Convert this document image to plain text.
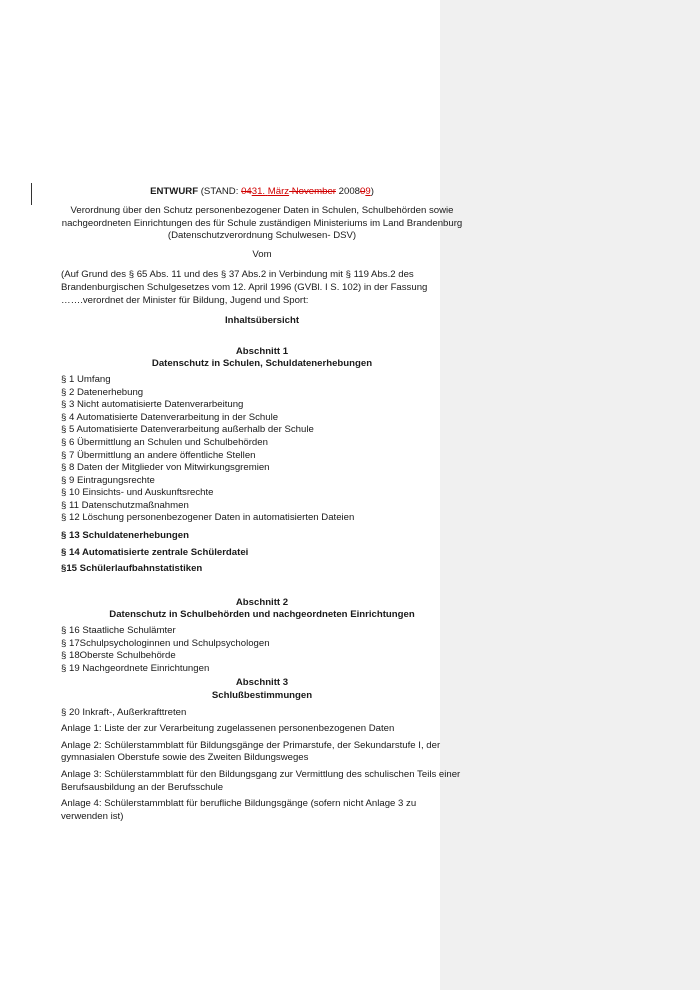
ENTWURF (STAND: 0431. März November 200809)
Verordnung über den Schutz personenbezogener Daten in Schulen, Schulbehörden sowie
nachgeordneten Einrichtungen des für Schule zuständigen Ministeriums im Land Brandenburg
(Datenschutzverordnung Schulwesen- DSV)
Vom

(Auf Grund des § 65 Abs. 11 und des § 37 Abs.2 in Verbindung mit § 119 Abs.2 des Brandenburgischen Schulgesetzes vom 12. April 1996 (GVBl. I S. 102) in der Fassung …….verordnet der Minister für Bildung, Jugend und Sport:

Inhaltsübersicht
Abschnitt 1
Datenschutz in Schulen, Schuldatenerhebungen
§ 1 Umfang
§ 2 Datenerhebung
§ 3 Nicht automatisierte Datenverarbeitung
§ 4 Automatisierte Datenverarbeitung in der Schule
§ 5 Automatisierte Datenverarbeitung außerhalb der Schule
§ 6 Übermittlung an Schulen und Schulbehörden
§ 7 Übermittlung an andere öffentliche Stellen
§ 8 Daten der Mitglieder von Mitwirkungsgremien
§ 9 Eintragungsrechte
§ 10 Einsichts- und Auskunftsrechte
§ 11 Datenschutzmaßnahmen
§ 12 Löschung personenbezogener Daten in automatisierten Dateien
§ 13 Schuldatenerhebungen
§ 14 Automatisierte zentrale Schülerdatei
§15 Schülerlaufbahnstatistiken
Abschnitt 2
Datenschutz in Schulbehörden und nachgeordneten Einrichtungen
§ 16 Staatliche Schulämter
§ 17Schulpsychologinnen und Schulpsychologen
§ 18Oberste Schulbehörde
§ 19 Nachgeordnete Einrichtungen
Abschnitt 3
Schlußbestimmungen

§ 20 Inkraft-, Außerkrafttreten

Anlage 1: Liste der zur Verarbeitung zugelassenen personenbezogenen Daten

Anlage 2: Schülerstammblatt für Bildungsgänge der Primarstufe, der Sekundarstufe I, der gymnasialen Oberstufe sowie des Zweiten Bildungsweges

Anlage 3: Schülerstammblatt für den Bildungsgang zur Vermittlung des schulischen Teils einer Berufsausbildung an der Berufsschule

Anlage 4: Schülerstammblatt für berufliche Bildungsgänge (sofern nicht Anlage 3 zu verwenden ist)
